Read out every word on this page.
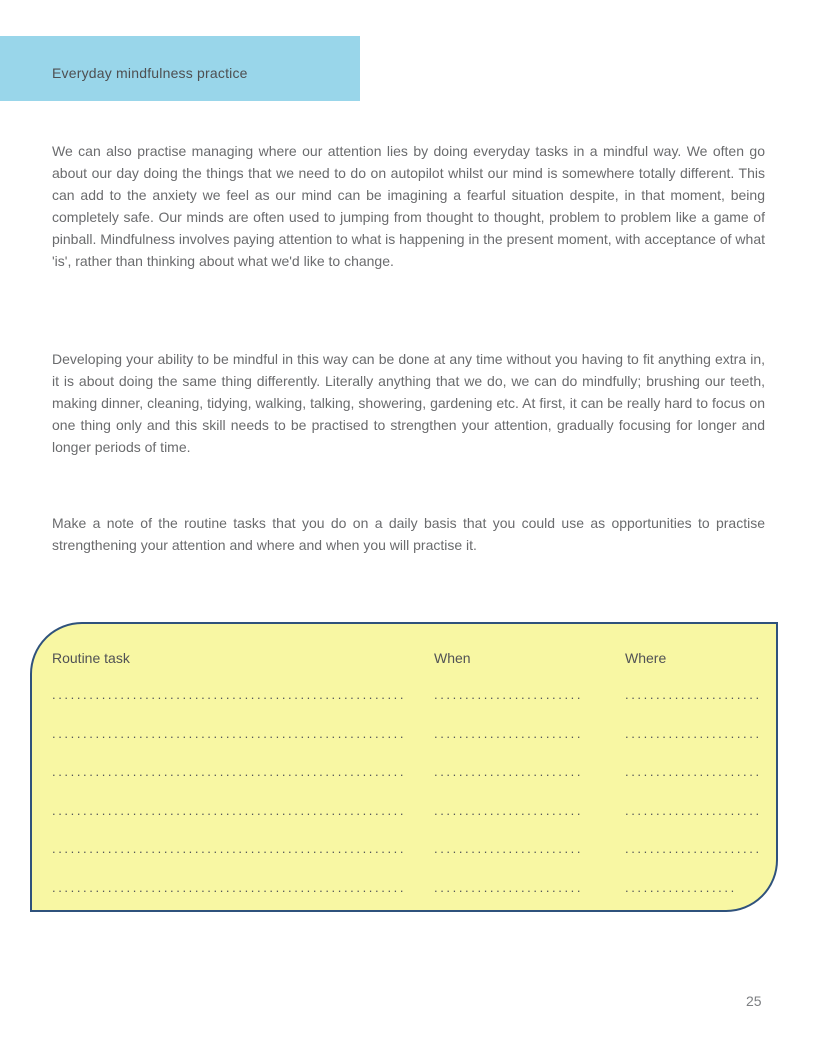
Everyday mindfulness practice

We can also practise managing where our attention lies by doing everyday tasks in a mindful way. We often go about our day doing the things that we need to do on autopilot whilst our mind is somewhere totally different. This can add to the anxiety we feel as our mind can be imagining a fearful situation despite, in that moment, being completely safe. Our minds are often used to jumping from thought to thought, problem to problem like a game of pinball. Mindfulness involves paying attention to what is happening in the present moment, with acceptance of what 'is', rather than thinking about what we'd like to change.

Developing your ability to be mindful in this way can be done at any time without you having to fit anything extra in, it is about doing the same thing differently. Literally anything that we do, we can do mindfully; brushing our teeth, making dinner, cleaning, tidying, walking, talking, showering, gardening etc. At first, it can be really hard to focus on one thing only and this skill needs to be practised to strengthen your attention, gradually focusing for longer and longer periods of time.

Make a note of the routine tasks that you do on a daily basis that you could use as opportunities to practise strengthening your attention and where and when you will practise it.

Routine task	When	Where
.........................................................	........................	......................
.........................................................	........................	......................
.........................................................	........................	......................
.........................................................	........................	......................
.........................................................	........................	......................
.........................................................	........................	..................
25
